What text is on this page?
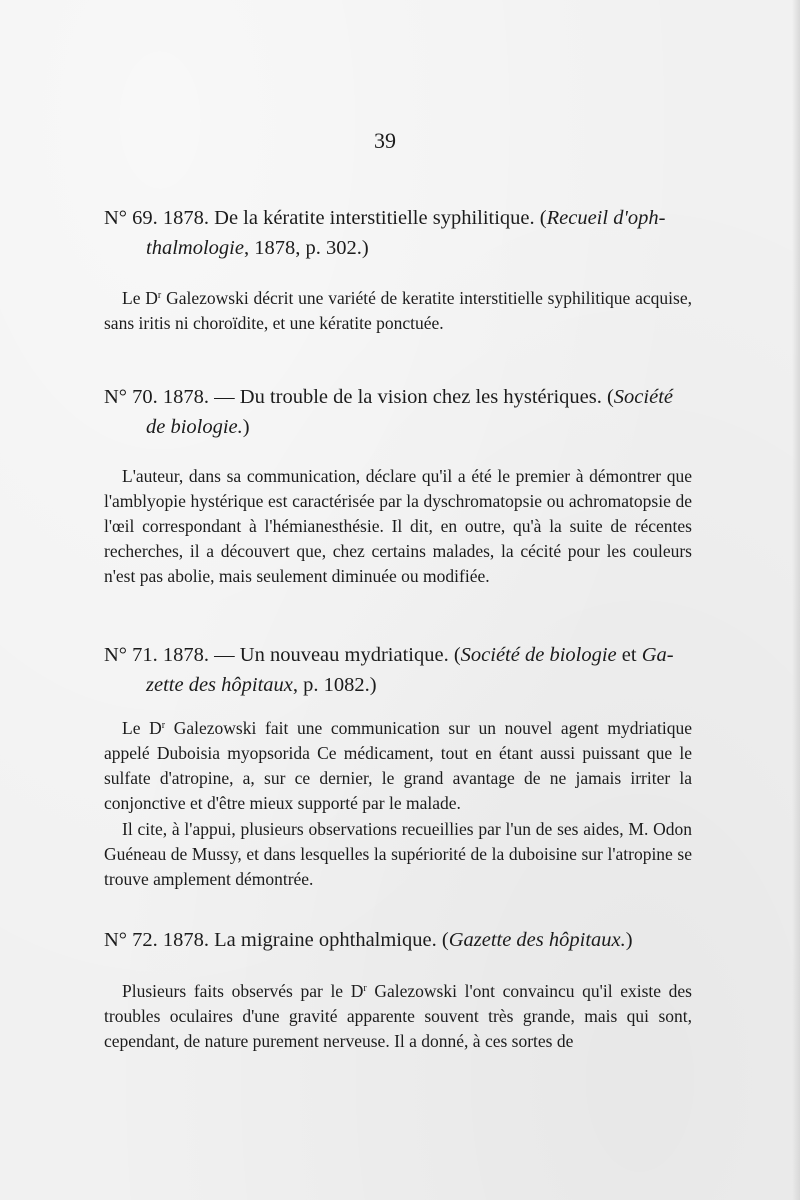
39
N° 69. 1878. De la kératite interstitielle syphilitique. (Recueil d'oph-
thalmologie, 1878, p. 302.)

Le $D^r$ Galezowski décrit une variété de keratite interstitielle syphilitique acquise, sans iritis ni choroïdite, et une kératite ponctuée.

N° 70. 1878. — Du trouble de la vision chez les hystériques. (Société
de biologie.)

L'auteur, dans sa communication, déclare qu'il a été le premier à démontrer que l'amblyopie hystérique est caractérisée par la dyschromatopsie ou achromatopsie de l'œil correspondant à l'hémianesthésie. Il dit, en outre, qu'à la suite de récentes recherches, il a découvert que, chez certains malades, la cécité pour les couleurs n'est pas abolie, mais seulement diminuée ou modifiée.

N° 71. 1878. — Un nouveau mydriatique. (Société de biologie et Ga-
zette des hôpitaux, p. 1082.)

Le $D^r$ Galezowski fait une communication sur un nouvel agent mydriatique appelé Duboisia myopsorida Ce médicament, tout en étant aussi puissant que le sulfate d'atropine, a, sur ce dernier, le grand avantage de ne jamais irriter la conjonctive et d'être mieux supporté par le malade.

Il cite, à l'appui, plusieurs observations recueillies par l'un de ses aides, M. Odon Guéneau de Mussy, et dans lesquelles la supériorité de la duboisine sur l'atropine se trouve amplement démontrée.

N° 72. 1878. La migraine ophthalmique. (Gazette des hôpitaux.)

Plusieurs faits observés par le $D^r$ Galezowski l'ont convaincu qu'il existe des troubles oculaires d'une gravité apparente souvent très grande, mais qui sont, cependant, de nature purement nerveuse. Il a donné, à ces sortes de
